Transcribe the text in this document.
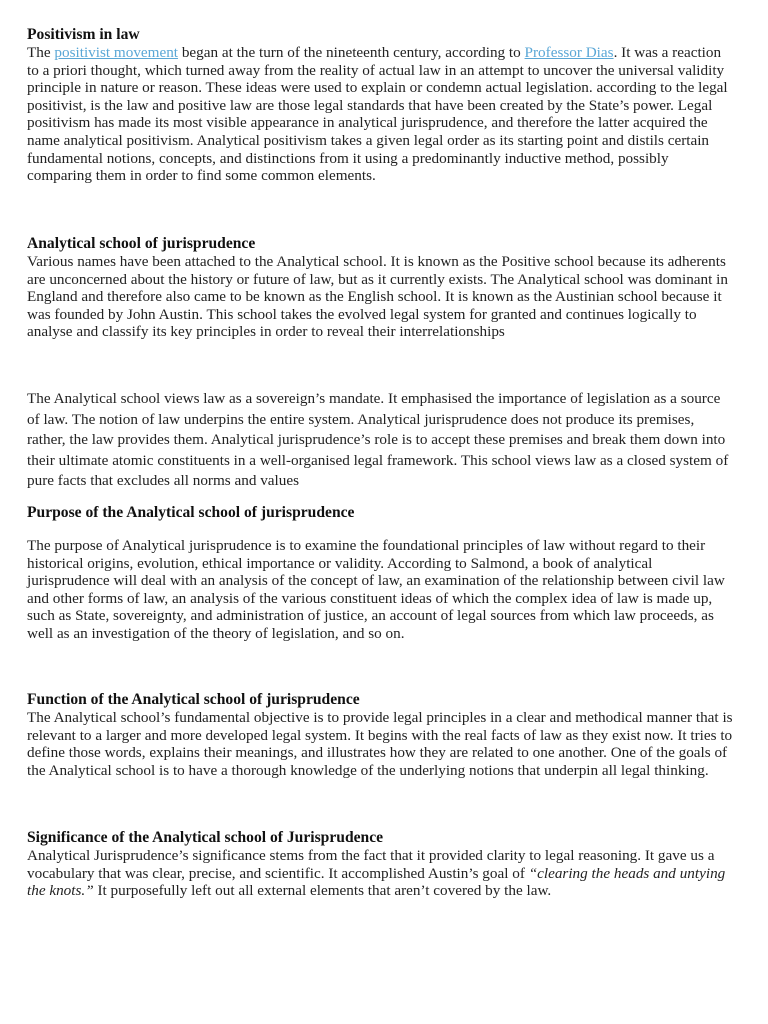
Positivism in law

The positivist movement began at the turn of the nineteenth century, according to Professor Dias. It was a reaction to a priori thought, which turned away from the reality of actual law in an attempt to uncover the universal validity principle in nature or reason. These ideas were used to explain or condemn actual legislation. according to the legal positivist, is the law and positive law are those legal standards that have been created by the State’s power. Legal positivism has made its most visible appearance in analytical jurisprudence, and therefore the latter acquired the name analytical positivism. Analytical positivism takes a given legal order as its starting point and distils certain fundamental notions, concepts, and distinctions from it using a predominantly inductive method, possibly comparing them in order to find some common elements.

Analytical school of jurisprudence

Various names have been attached to the Analytical school. It is known as the Positive school because its adherents are unconcerned about the history or future of law, but as it currently exists. The Analytical school was dominant in England and therefore also came to be known as the English school. It is known as the Austinian school because it was founded by John Austin. This school takes the evolved legal system for granted and continues logically to analyse and classify its key principles in order to reveal their interrelationships

The Analytical school views law as a sovereign’s mandate. It emphasised the importance of legislation as a source of law. The notion of law underpins the entire system. Analytical jurisprudence does not produce its premises, rather, the law provides them. Analytical jurisprudence’s role is to accept these premises and break them down into their ultimate atomic constituents in a well-organised legal framework. This school views law as a closed system of pure facts that excludes all norms and values

Purpose of the Analytical school of jurisprudence

The purpose of Analytical jurisprudence is to examine the foundational principles of law without regard to their historical origins, evolution, ethical importance or validity. According to Salmond, a book of analytical jurisprudence will deal with an analysis of the concept of law, an examination of the relationship between civil law and other forms of law, an analysis of the various constituent ideas of which the complex idea of law is made up, such as State, sovereignty, and administration of justice, an account of legal sources from which law proceeds, as well as an investigation of the theory of legislation, and so on.

Function of the Analytical school of jurisprudence

The Analytical school’s fundamental objective is to provide legal principles in a clear and methodical manner that is relevant to a larger and more developed legal system. It begins with the real facts of law as they exist now. It tries to define those words, explains their meanings, and illustrates how they are related to one another. One of the goals of the Analytical school is to have a thorough knowledge of the underlying notions that underpin all legal thinking.

Significance of the Analytical school of Jurisprudence

Analytical Jurisprudence’s significance stems from the fact that it provided clarity to legal reasoning. It gave us a vocabulary that was clear, precise, and scientific. It accomplished Austin’s goal of “clearing the heads and untying the knots.” It purposefully left out all external elements that aren’t covered by the law.
